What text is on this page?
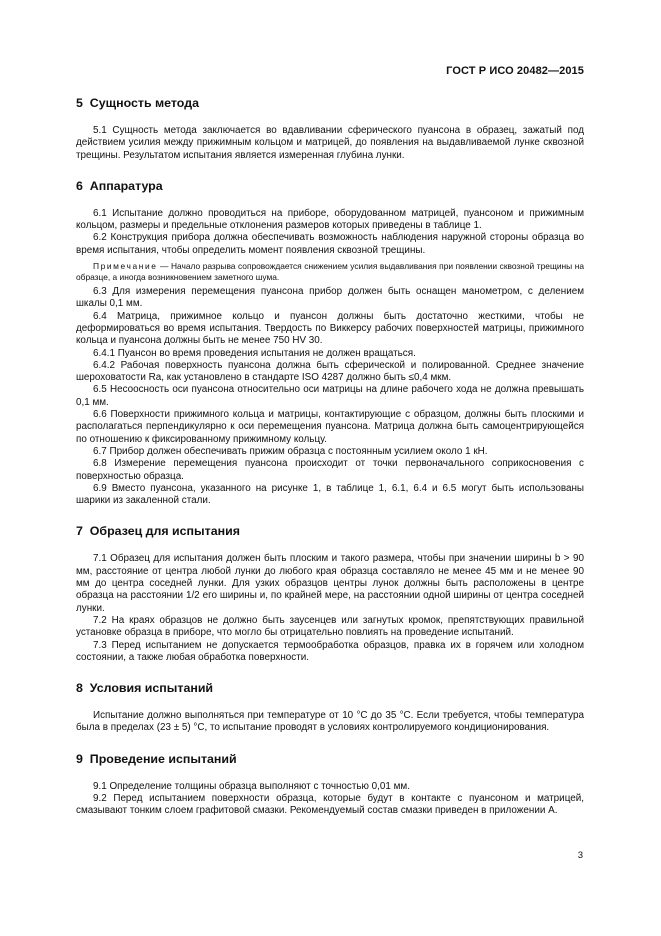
ГОСТ Р ИСО 20482—2015
5 Сущность метода

5.1 Сущность метода заключается во вдавливании сферического пуансона в образец, зажатый под действием усилия между прижимным кольцом и матрицей, до появления на выдавливаемой лунке сквозной трещины. Результатом испытания является измеренная глубина лунки.

6 Аппаратура

6.1 Испытание должно проводиться на приборе, оборудованном матрицей, пуансоном и прижимным кольцом, размеры и предельные отклонения размеров которых приведены в таблице 1.

6.2 Конструкция прибора должна обеспечивать возможность наблюдения наружной стороны образца во время испытания, чтобы определить момент появления сквозной трещины.

Примечание — Начало разрыва сопровождается снижением усилия выдавливания при появлении сквозной трещины на образце, а иногда возникновением заметного шума.

6.3 Для измерения перемещения пуансона прибор должен быть оснащен манометром, с делением шкалы 0,1 мм.

6.4 Матрица, прижимное кольцо и пуансон должны быть достаточно жесткими, чтобы не деформироваться во время испытания. Твердость по Виккерсу рабочих поверхностей матрицы, прижимного кольца и пуансона должны быть не менее 750 HV 30.

6.4.1 Пуансон во время проведения испытания не должен вращаться.

6.4.2 Рабочая поверхность пуансона должна быть сферической и полированной. Среднее значение шероховатости Ra, как установлено в стандарте ISO 4287 должно быть ≤0,4 мкм.

6.5 Несоосность оси пуансона относительно оси матрицы на длине рабочего хода не должна превышать 0,1 мм.

6.6 Поверхности прижимного кольца и матрицы, контактирующие с образцом, должны быть плоскими и располагаться перпендикулярно к оси перемещения пуансона. Матрица должна быть самоцентрирующейся по отношению к фиксированному прижимному кольцу.

6.7 Прибор должен обеспечивать прижим образца с постоянным усилием около 1 кН.

6.8 Измерение перемещения пуансона происходит от точки первоначального соприкосновения с поверхностью образца.

6.9 Вместо пуансона, указанного на рисунке 1, в таблице 1, 6.1, 6.4 и 6.5 могут быть использованы шарики из закаленной стали.

7 Образец для испытания

7.1 Образец для испытания должен быть плоским и такого размера, чтобы при значении ширины b > 90 мм, расстояние от центра любой лунки до любого края образца составляло не менее 45 мм и не менее 90 мм до центра соседней лунки. Для узких образцов центры лунок должны быть расположены в центре образца на расстоянии 1/2 его ширины и, по крайней мере, на расстоянии одной ширины от центра соседней лунки.

7.2 На краях образцов не должно быть заусенцев или загнутых кромок, препятствующих правильной установке образца в приборе, что могло бы отрицательно повлиять на проведение испытаний.

7.3 Перед испытанием не допускается термообработка образцов, правка их в горячем или холодном состоянии, а также любая обработка поверхности.

8 Условия испытаний

Испытание должно выполняться при температуре от 10 °С до 35 °С. Если требуется, чтобы температура была в пределах (23 ± 5) °С, то испытание проводят в условиях контролируемого кондиционирования.

9 Проведение испытаний

9.1 Определение толщины образца выполняют с точностью 0,01 мм.

9.2 Перед испытанием поверхности образца, которые будут в контакте с пуансоном и матрицей, смазывают тонким слоем графитовой смазки. Рекомендуемый состав смазки приведен в приложении А.

3
